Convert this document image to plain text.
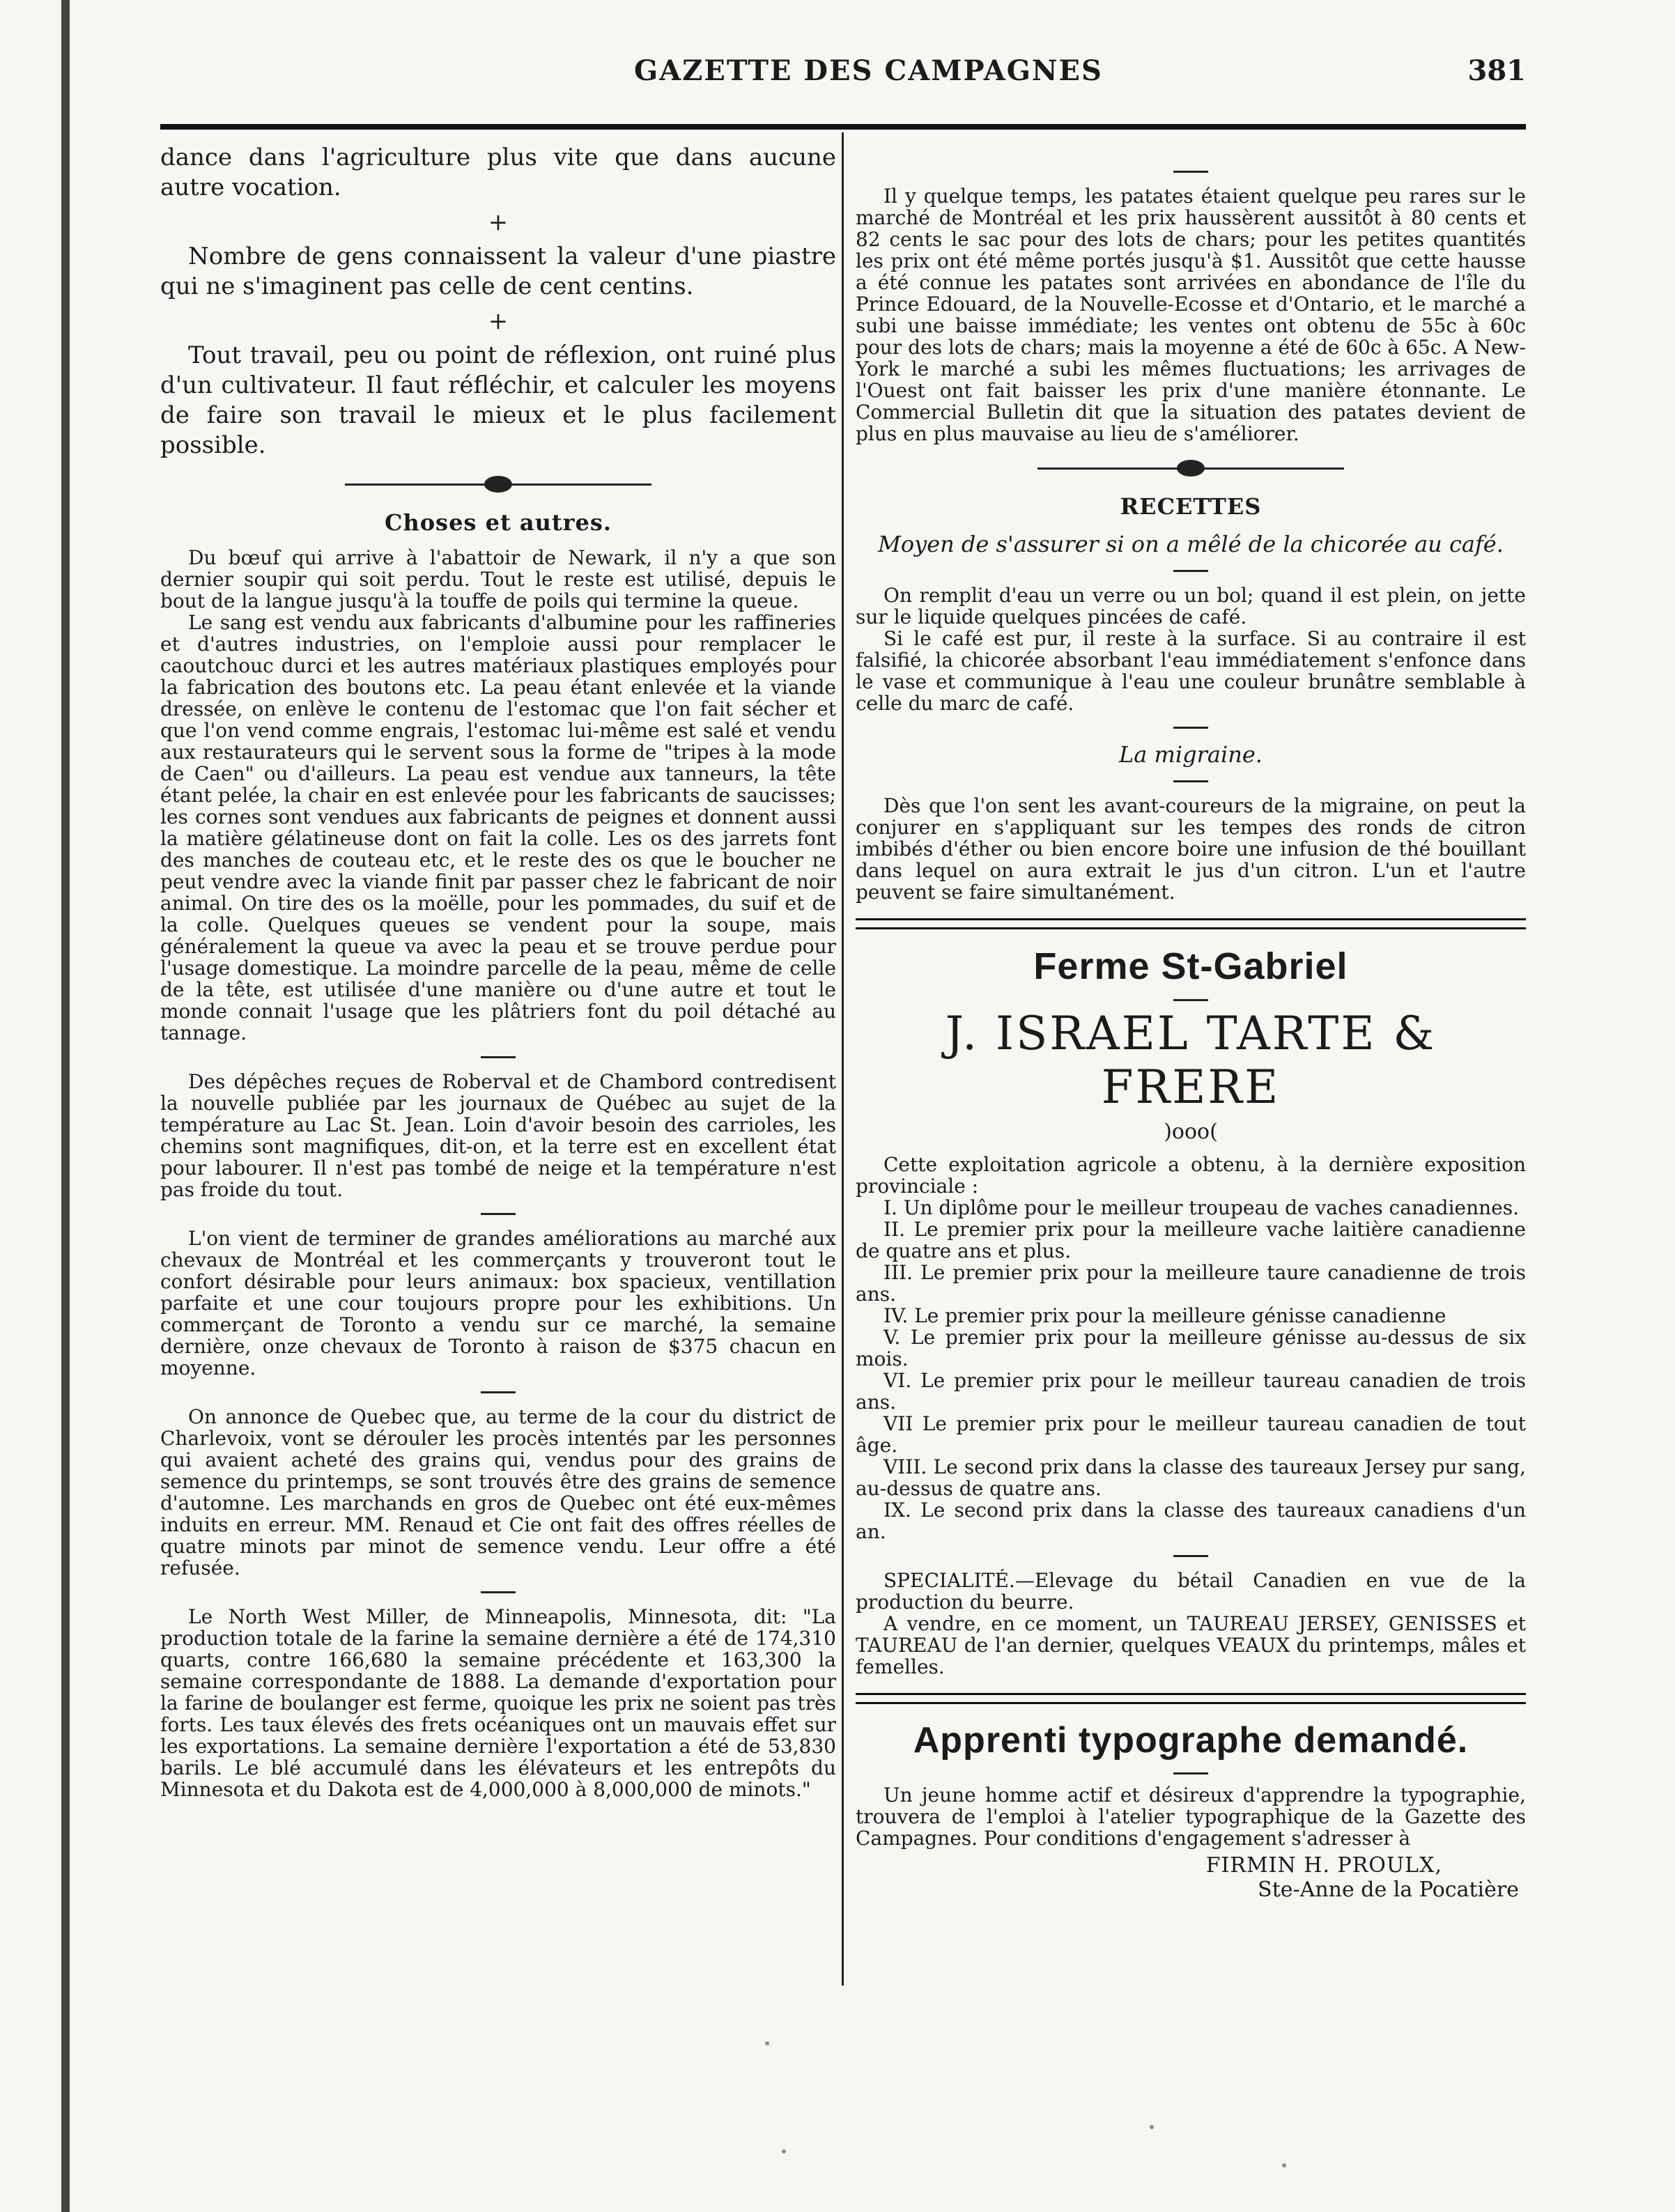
GAZETTE DES CAMPAGNES	381

dance dans l'agriculture plus vite que dans aucune autre vocation.

+

Nombre de gens connaissent la valeur d'une piastre qui ne s'imaginent pas celle de cent centins.

+

Tout travail, peu ou point de réflexion, ont ruiné plus d'un cultivateur. Il faut réfléchir, et calculer les moyens de faire son travail le mieux et le plus facilement possible.

Choses et autres.

Du bœuf qui arrive à l'abattoir de Newark, il n'y a que son dernier soupir qui soit perdu. Tout le reste est utilisé, depuis le bout de la langue jusqu'à la touffe de poils qui termine la queue.

Le sang est vendu aux fabricants d'albumine pour les raffineries et d'autres industries, on l'emploie aussi pour remplacer le caoutchouc durci et les autres matériaux plastiques employés pour la fabrication des boutons etc. La peau étant enlevée et la viande dressée, on enlève le contenu de l'estomac que l'on fait sécher et que l'on vend comme engrais, l'estomac lui-même est salé et vendu aux restaurateurs qui le servent sous la forme de "tripes à la mode de Caen" ou d'ailleurs. La peau est vendue aux tanneurs, la tête étant pelée, la chair en est enlevée pour les fabricants de saucisses; les cornes sont vendues aux fabricants de peignes et donnent aussi la matière gélatineuse dont on fait la colle. Les os des jarrets font des manches de couteau etc, et le reste des os que le boucher ne peut vendre avec la viande finit par passer chez le fabricant de noir animal. On tire des os la moëlle, pour les pommades, du suif et de la colle. Quelques queues se vendent pour la soupe, mais généralement la queue va avec la peau et se trouve perdue pour l'usage domestique. La moindre parcelle de la peau, même de celle de la tête, est utilisée d'une manière ou d'une autre et tout le monde connait l'usage que les plâtriers font du poil détaché au tannage.

Des dépêches reçues de Roberval et de Chambord contredisent la nouvelle publiée par les journaux de Québec au sujet de la température au Lac St. Jean. Loin d'avoir besoin des carrioles, les chemins sont magnifiques, dit-on, et la terre est en excellent état pour labourer. Il n'est pas tombé de neige et la température n'est pas froide du tout.

L'on vient de terminer de grandes améliorations au marché aux chevaux de Montréal et les commerçants y trouveront tout le confort désirable pour leurs animaux: box spacieux, ventillation parfaite et une cour toujours propre pour les exhibitions. Un commerçant de Toronto a vendu sur ce marché, la semaine dernière, onze chevaux de Toronto à raison de $375 chacun en moyenne.

On annonce de Quebec que, au terme de la cour du district de Charlevoix, vont se dérouler les procès intentés par les personnes qui avaient acheté des grains qui, vendus pour des grains de semence du printemps, se sont trouvés être des grains de semence d'automne. Les marchands en gros de Quebec ont été eux-mêmes induits en erreur. MM. Renaud et Cie ont fait des offres réelles de quatre minots par minot de semence vendu. Leur offre a été refusée.

Le North West Miller, de Minneapolis, Minnesota, dit: "La production totale de la farine la semaine dernière a été de 174,310 quarts, contre 166,680 la semaine précédente et 163,300 la semaine correspondante de 1888. La demande d'exportation pour la farine de boulanger est ferme, quoique les prix ne soient pas très forts. Les taux élevés des frets océaniques ont un mauvais effet sur les exportations. La semaine dernière l'exportation a été de 53,830 barils. Le blé accumulé dans les élévateurs et les entrepôts du Minnesota et du Dakota est de 4,000,000 à 8,000,000 de minots."

Il y quelque temps, les patates étaient quelque peu rares sur le marché de Montréal et les prix haussèrent aussitôt à 80 cents et 82 cents le sac pour des lots de chars; pour les petites quantités les prix ont été même portés jusqu'à $1. Aussitôt que cette hausse a été connue les patates sont arrivées en abondance de l'île du Prince Edouard, de la Nouvelle-Ecosse et d'Ontario, et le marché a subi une baisse immédiate; les ventes ont obtenu de 55c à 60c pour des lots de chars; mais la moyenne a été de 60c à 65c. A New-York le marché a subi les mêmes fluctuations; les arrivages de l'Ouest ont fait baisser les prix d'une manière étonnante. Le Commercial Bulletin dit que la situation des patates devient de plus en plus mauvaise au lieu de s'améliorer.

RECETTES
Moyen de s'assurer si on a mêlé de la chicorée au café.

On remplit d'eau un verre ou un bol; quand il est plein, on jette sur le liquide quelques pincées de café.

Si le café est pur, il reste à la surface. Si au contraire il est falsifié, la chicorée absorbant l'eau immédiatement s'enfonce dans le vase et communique à l'eau une couleur brunâtre semblable à celle du marc de café.

La migraine.

Dès que l'on sent les avant-coureurs de la migraine, on peut la conjurer en s'appliquant sur les tempes des ronds de citron imbibés d'éther ou bien encore boire une infusion de thé bouillant dans lequel on aura extrait le jus d'un citron. L'un et l'autre peuvent se faire simultanément.

Ferme St-Gabriel
J. ISRAEL TARTE & FRERE
)ooo(

Cette exploitation agricole a obtenu, à la dernière exposition provinciale :

I. Un diplôme pour le meilleur troupeau de vaches canadiennes.

II. Le premier prix pour la meilleure vache laitière canadienne de quatre ans et plus.

III. Le premier prix pour la meilleure taure canadienne de trois ans.

IV. Le premier prix pour la meilleure génisse canadienne

V. Le premier prix pour la meilleure génisse au-dessus de six mois.

VI. Le premier prix pour le meilleur taureau canadien de trois ans.

VII Le premier prix pour le meilleur taureau canadien de tout âge.

VIII. Le second prix dans la classe des taureaux Jersey pur sang, au-dessus de quatre ans.

IX. Le second prix dans la classe des taureaux canadiens d'un an.

SPECIALITÉ.—Elevage du bétail Canadien en vue de la production du beurre.

A vendre, en ce moment, un TAUREAU JERSEY, GENISSES et TAUREAU de l'an dernier, quelques VEAUX du printemps, mâles et femelles.

Apprenti typographe demandé.

Un jeune homme actif et désireux d'apprendre la typographie, trouvera de l'emploi à l'atelier typographique de la Gazette des Campagnes. Pour conditions d'engagement s'adresser à

FIRMIN H. PROULX,
Ste-Anne de la Pocatière
